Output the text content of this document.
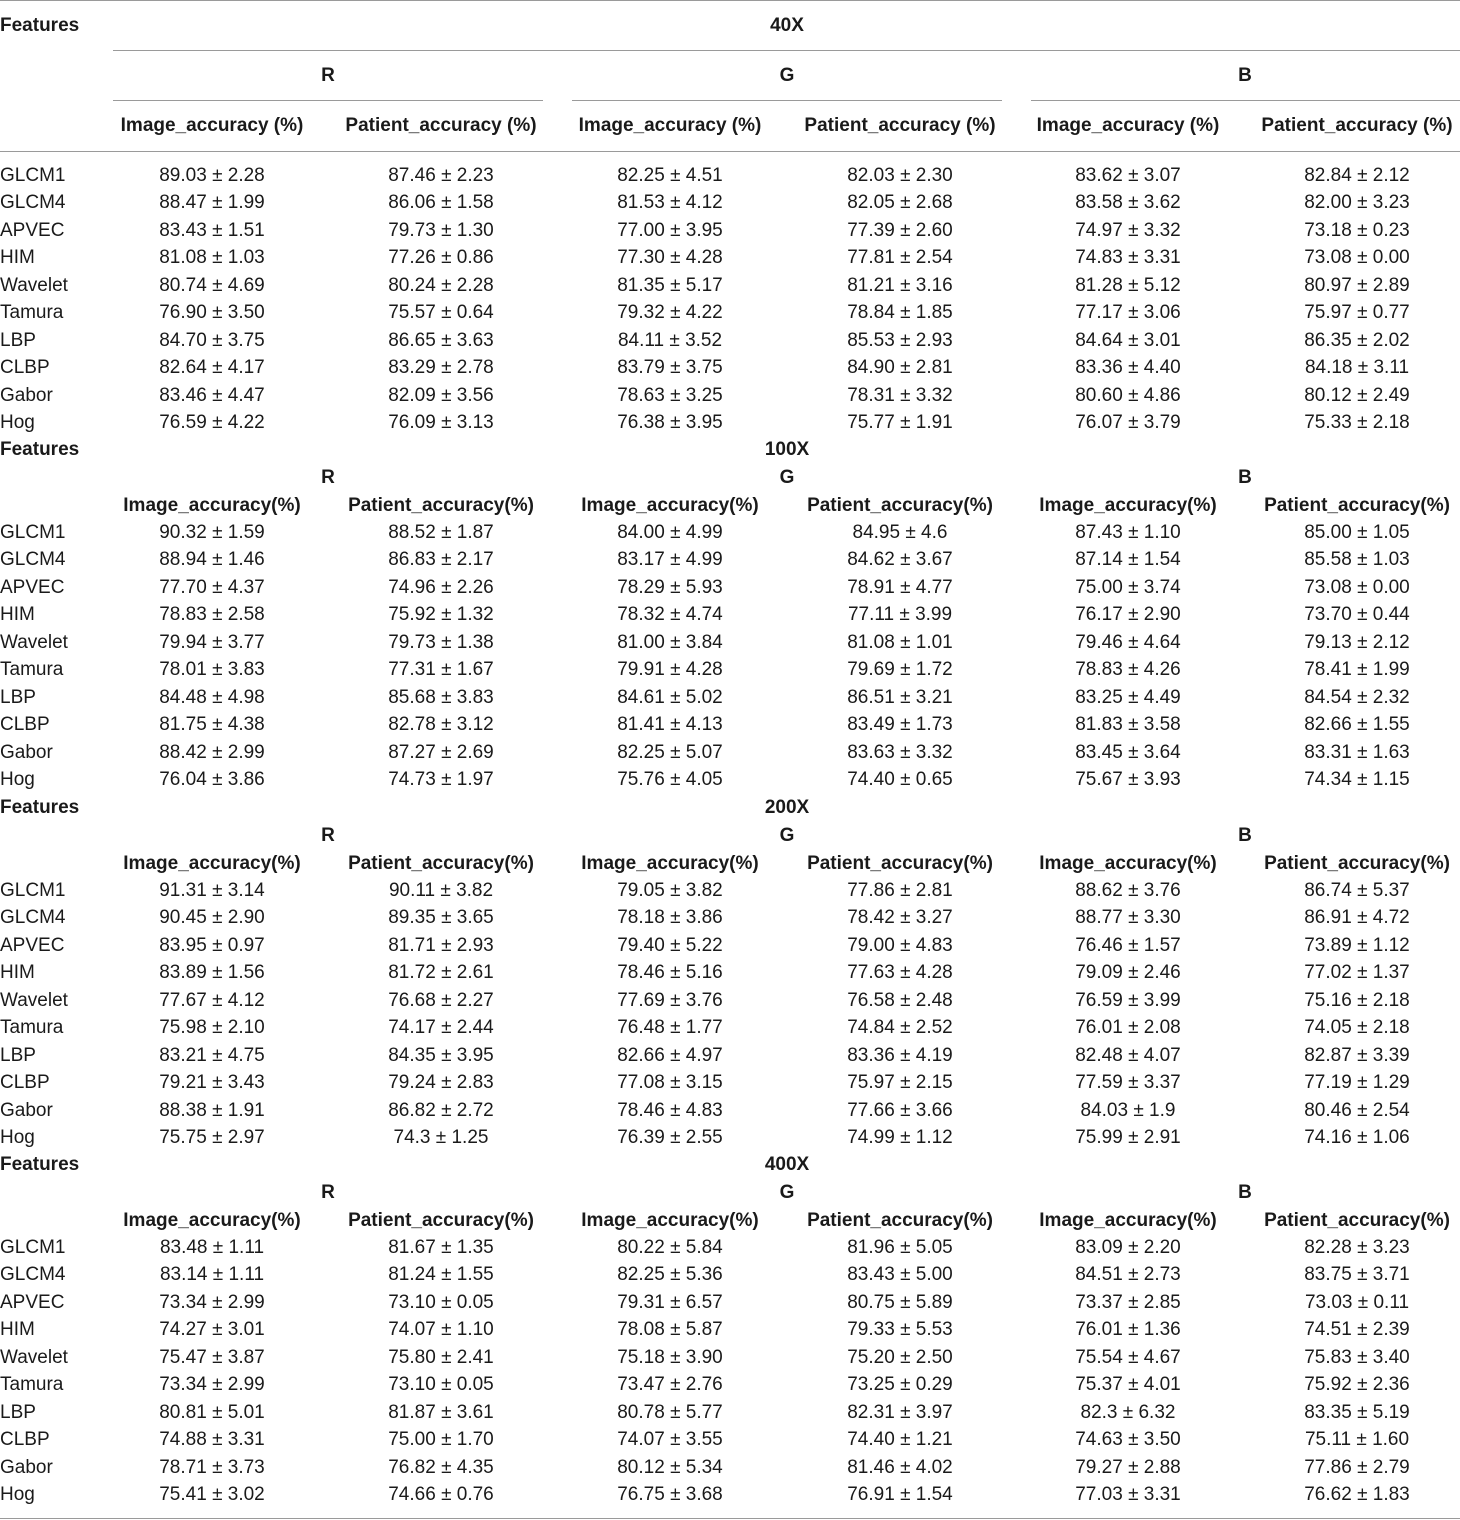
Features	40X
R	G	B
Image_accuracy (%) Patient_accuracy (%) Image_accuracy (%) Patient_accuracy (%) Image_accuracy (%) Patient_accuracy (%)
GLCM1	89.03 ± 2.28	87.46 ± 2.23	82.25 ± 4.51	82.03 ± 2.30	83.62 ± 3.07	82.84 ± 2.12
GLCM4	88.47 ± 1.99	86.06 ± 1.58	81.53 ± 4.12	82.05 ± 2.68	83.58 ± 3.62	82.00 ± 3.23
APVEC	83.43 ± 1.51	79.73 ± 1.30	77.00 ± 3.95	77.39 ± 2.60	74.97 ± 3.32	73.18 ± 0.23
HIM	81.08 ± 1.03	77.26 ± 0.86	77.30 ± 4.28	77.81 ± 2.54	74.83 ± 3.31	73.08 ± 0.00
Wavelet	80.74 ± 4.69	80.24 ± 2.28	81.35 ± 5.17	81.21 ± 3.16	81.28 ± 5.12	80.97 ± 2.89
Tamura	76.90 ± 3.50	75.57 ± 0.64	79.32 ± 4.22	78.84 ± 1.85	77.17 ± 3.06	75.97 ± 0.77
LBP	84.70 ± 3.75	86.65 ± 3.63	84.11 ± 3.52	85.53 ± 2.93	84.64 ± 3.01	86.35 ± 2.02
CLBP	82.64 ± 4.17	83.29 ± 2.78	83.79 ± 3.75	84.90 ± 2.81	83.36 ± 4.40	84.18 ± 3.11
Gabor	83.46 ± 4.47	82.09 ± 3.56	78.63 ± 3.25	78.31 ± 3.32	80.60 ± 4.86	80.12 ± 2.49
Hog	76.59 ± 4.22	76.09 ± 3.13	76.38 ± 3.95	75.77 ± 1.91	76.07 ± 3.79	75.33 ± 2.18
Features	100X
R	G	B
Image_accuracy(%) Patient_accuracy(%) Image_accuracy(%)	Patient_accuracy(%) Image_accuracy(%) Patient_accuracy(%)
GLCM1	90.32 ± 1.59	88.52 ± 1.87	84.00 ± 4.99	84.95 ± 4.6	87.43 ± 1.10	85.00 ± 1.05
GLCM4	88.94 ± 1.46	86.83 ± 2.17	83.17 ± 4.99	84.62 ± 3.67	87.14 ± 1.54	85.58 ± 1.03
APVEC	77.70 ± 4.37	74.96 ± 2.26	78.29 ± 5.93	78.91 ± 4.77	75.00 ± 3.74	73.08 ± 0.00
HIM	78.83 ± 2.58	75.92 ± 1.32	78.32 ± 4.74	77.11 ± 3.99	76.17 ± 2.90	73.70 ± 0.44
Wavelet	79.94 ± 3.77	79.73 ± 1.38	81.00 ± 3.84	81.08 ± 1.01	79.46 ± 4.64	79.13 ± 2.12
Tamura	78.01 ± 3.83	77.31 ± 1.67	79.91 ± 4.28	79.69 ± 1.72	78.83 ± 4.26	78.41 ± 1.99
LBP	84.48 ± 4.98	85.68 ± 3.83	84.61 ± 5.02	86.51 ± 3.21	83.25 ± 4.49	84.54 ± 2.32
CLBP	81.75 ± 4.38	82.78 ± 3.12	81.41 ± 4.13	83.49 ± 1.73	81.83 ± 3.58	82.66 ± 1.55
Gabor	88.42 ± 2.99	87.27 ± 2.69	82.25 ± 5.07	83.63 ± 3.32	83.45 ± 3.64	83.31 ± 1.63
Hog	76.04 ± 3.86	74.73 ± 1.97	75.76 ± 4.05	74.40 ± 0.65	75.67 ± 3.93	74.34 ± 1.15
Features	200X
R	G	B
Image_accuracy(%) Patient_accuracy(%) Image_accuracy(%)	Patient_accuracy(%) Image_accuracy(%) Patient_accuracy(%)
GLCM1	91.31 ± 3.14	90.11 ± 3.82	79.05 ± 3.82	77.86 ± 2.81	88.62 ± 3.76	86.74 ± 5.37
GLCM4	90.45 ± 2.90	89.35 ± 3.65	78.18 ± 3.86	78.42 ± 3.27	88.77 ± 3.30	86.91 ± 4.72
APVEC	83.95 ± 0.97	81.71 ± 2.93	79.40 ± 5.22	79.00 ± 4.83	76.46 ± 1.57	73.89 ± 1.12
HIM	83.89 ± 1.56	81.72 ± 2.61	78.46 ± 5.16	77.63 ± 4.28	79.09 ± 2.46	77.02 ± 1.37
Wavelet	77.67 ± 4.12	76.68 ± 2.27	77.69 ± 3.76	76.58 ± 2.48	76.59 ± 3.99	75.16 ± 2.18
Tamura	75.98 ± 2.10	74.17 ± 2.44	76.48 ± 1.77	74.84 ± 2.52	76.01 ± 2.08	74.05 ± 2.18
LBP	83.21 ± 4.75	84.35 ± 3.95	82.66 ± 4.97	83.36 ± 4.19	82.48 ± 4.07	82.87 ± 3.39
CLBP	79.21 ± 3.43	79.24 ± 2.83	77.08 ± 3.15	75.97 ± 2.15	77.59 ± 3.37	77.19 ± 1.29
Gabor	88.38 ± 1.91	86.82 ± 2.72	78.46 ± 4.83	77.66 ± 3.66	84.03 ± 1.9	80.46 ± 2.54
Hog	75.75 ± 2.97	74.3 ± 1.25	76.39 ± 2.55	74.99 ± 1.12	75.99 ± 2.91	74.16 ± 1.06
Features	400X
R	G	B
Image_accuracy(%) Patient_accuracy(%) Image_accuracy(%)	Patient_accuracy(%) Image_accuracy(%) Patient_accuracy(%)
GLCM1	83.48 ± 1.11	81.67 ± 1.35	80.22 ± 5.84	81.96 ± 5.05	83.09 ± 2.20	82.28 ± 3.23
GLCM4	83.14 ± 1.11	81.24 ± 1.55	82.25 ± 5.36	83.43 ± 5.00	84.51 ± 2.73	83.75 ± 3.71
APVEC	73.34 ± 2.99	73.10 ± 0.05	79.31 ± 6.57	80.75 ± 5.89	73.37 ± 2.85	73.03 ± 0.11
HIM	74.27 ± 3.01	74.07 ± 1.10	78.08 ± 5.87	79.33 ± 5.53	76.01 ± 1.36	74.51 ± 2.39
Wavelet	75.47 ± 3.87	75.80 ± 2.41	75.18 ± 3.90	75.20 ± 2.50	75.54 ± 4.67	75.83 ± 3.40
Tamura	73.34 ± 2.99	73.10 ± 0.05	73.47 ± 2.76	73.25 ± 0.29	75.37 ± 4.01	75.92 ± 2.36
LBP	80.81 ± 5.01	81.87 ± 3.61	80.78 ± 5.77	82.31 ± 3.97	82.3 ± 6.32	83.35 ± 5.19
CLBP	74.88 ± 3.31	75.00 ± 1.70	74.07 ± 3.55	74.40 ± 1.21	74.63 ± 3.50	75.11 ± 1.60
Gabor	78.71 ± 3.73	76.82 ± 4.35	80.12 ± 5.34	81.46 ± 4.02	79.27 ± 2.88	77.86 ± 2.79
Hog	75.41 ± 3.02	74.66 ± 0.76	76.75 ± 3.68	76.91 ± 1.54	77.03 ± 3.31	76.62 ± 1.83
